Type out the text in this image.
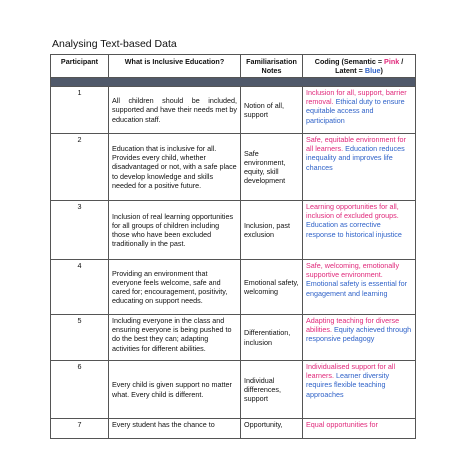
Analysing Text-based Data
Participant	What is Inclusive Education?	Familiarisation Notes	Coding (Semantic = Pink / Latent = Blue)

1	All children should be included, supported and have their needs met by education staff.	Notion of all, support	Inclusion for all, support, barrier removal. Ethical duty to ensure equitable access and participation
2	Education that is inclusive for all. Provides every child, whether disadvantaged or not, with a safe place to develop knowledge and skills needed for a positive future.	Safe environment, equity, skill development	Safe, equitable environment for all learners. Education reduces inequality and improves life chances
3	Inclusion of real learning opportunities for all groups of children including those who have been excluded traditionally in the past.	Inclusion, past exclusion	Learning opportunities for all, inclusion of excluded groups. Education as corrective response to historical injustice
4	Providing an environment that everyone feels welcome, safe and cared for; encouragement, positivity, educating on support needs.	Emotional safety, welcoming	Safe, welcoming, emotionally supportive environment. Emotional safety is essential for engagement and learning
5	Including everyone in the class and ensuring everyone is being pushed to do the best they can; adapting activities for different abilities.	Differentiation, inclusion	Adapting teaching for diverse abilities. Equity achieved through responsive pedagogy
6	Every child is given support no matter what. Every child is different.	Individual differences, support	Individualised support for all learners. Learner diversity requires flexible teaching approaches
7	Every student has the chance to	Opportunity,	Equal opportunities for
